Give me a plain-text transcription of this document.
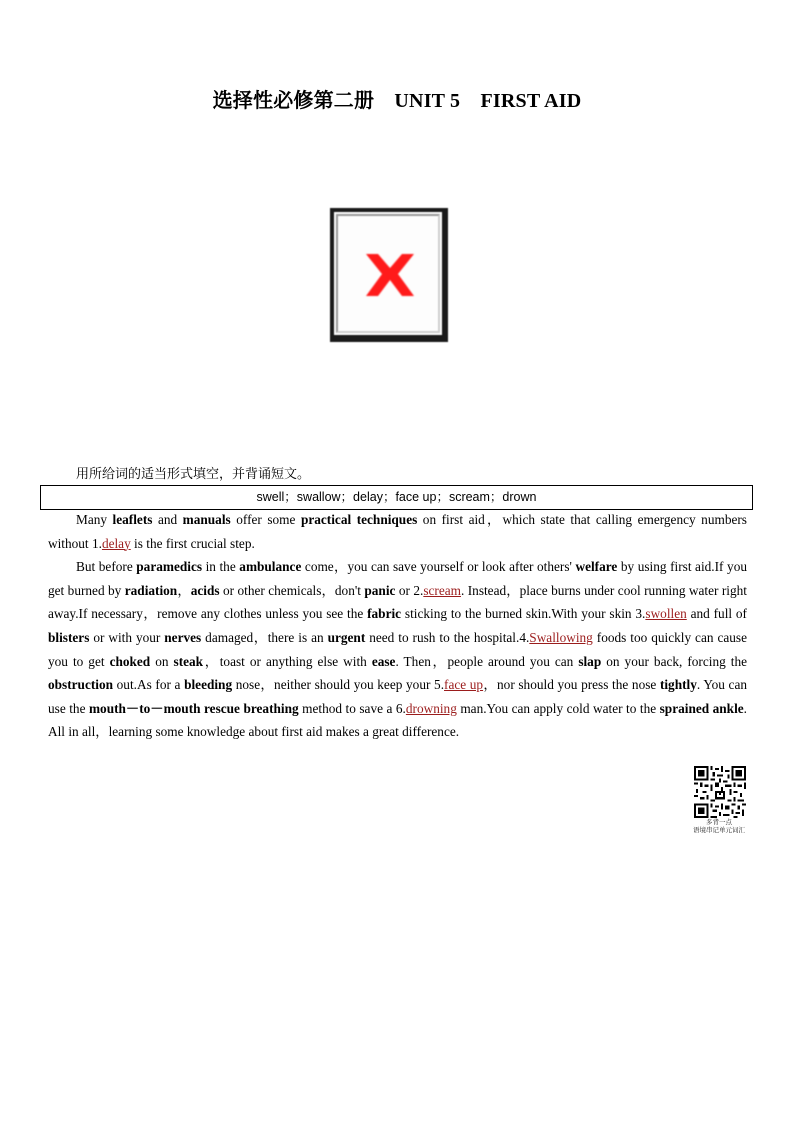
选择性必修第二册　UNIT 5　FIRST AID
用所给词的适当形式填空，并背诵短文。
swell；swallow；delay；face up；scream；drown

Many leaflets and manuals offer some practical techniques on first aid，which state that calling emergency numbers without 1.delay is the first crucial step.

But before paramedics in the ambulance come，you can save yourself or look after others' welfare by using first aid.If you get burned by radiation，acids or other chemicals，don't panic or 2.scream. Instead，place burns under cool running water right away.If necessary，remove any clothes unless you see the fabric sticking to the burned skin.With your skin 3.swollen and full of blisters or with your nerves damaged，there is an urgent need to rush to the hospital.4.Swallowing foods too quickly can cause you to get choked on steak，toast or anything else with ease. Then，people around you can slap on your back, forcing the obstruction out.As for a bleeding nose，neither should you keep your 5.face up，nor should you press the nose tightly. You can use the mouth－to－mouth rescue breathing method to save a 6.drowning man.You can apply cold water to the sprained ankle. All in all，learning some knowledge about first aid makes a great difference.

多背一点
语境串记单元词汇
